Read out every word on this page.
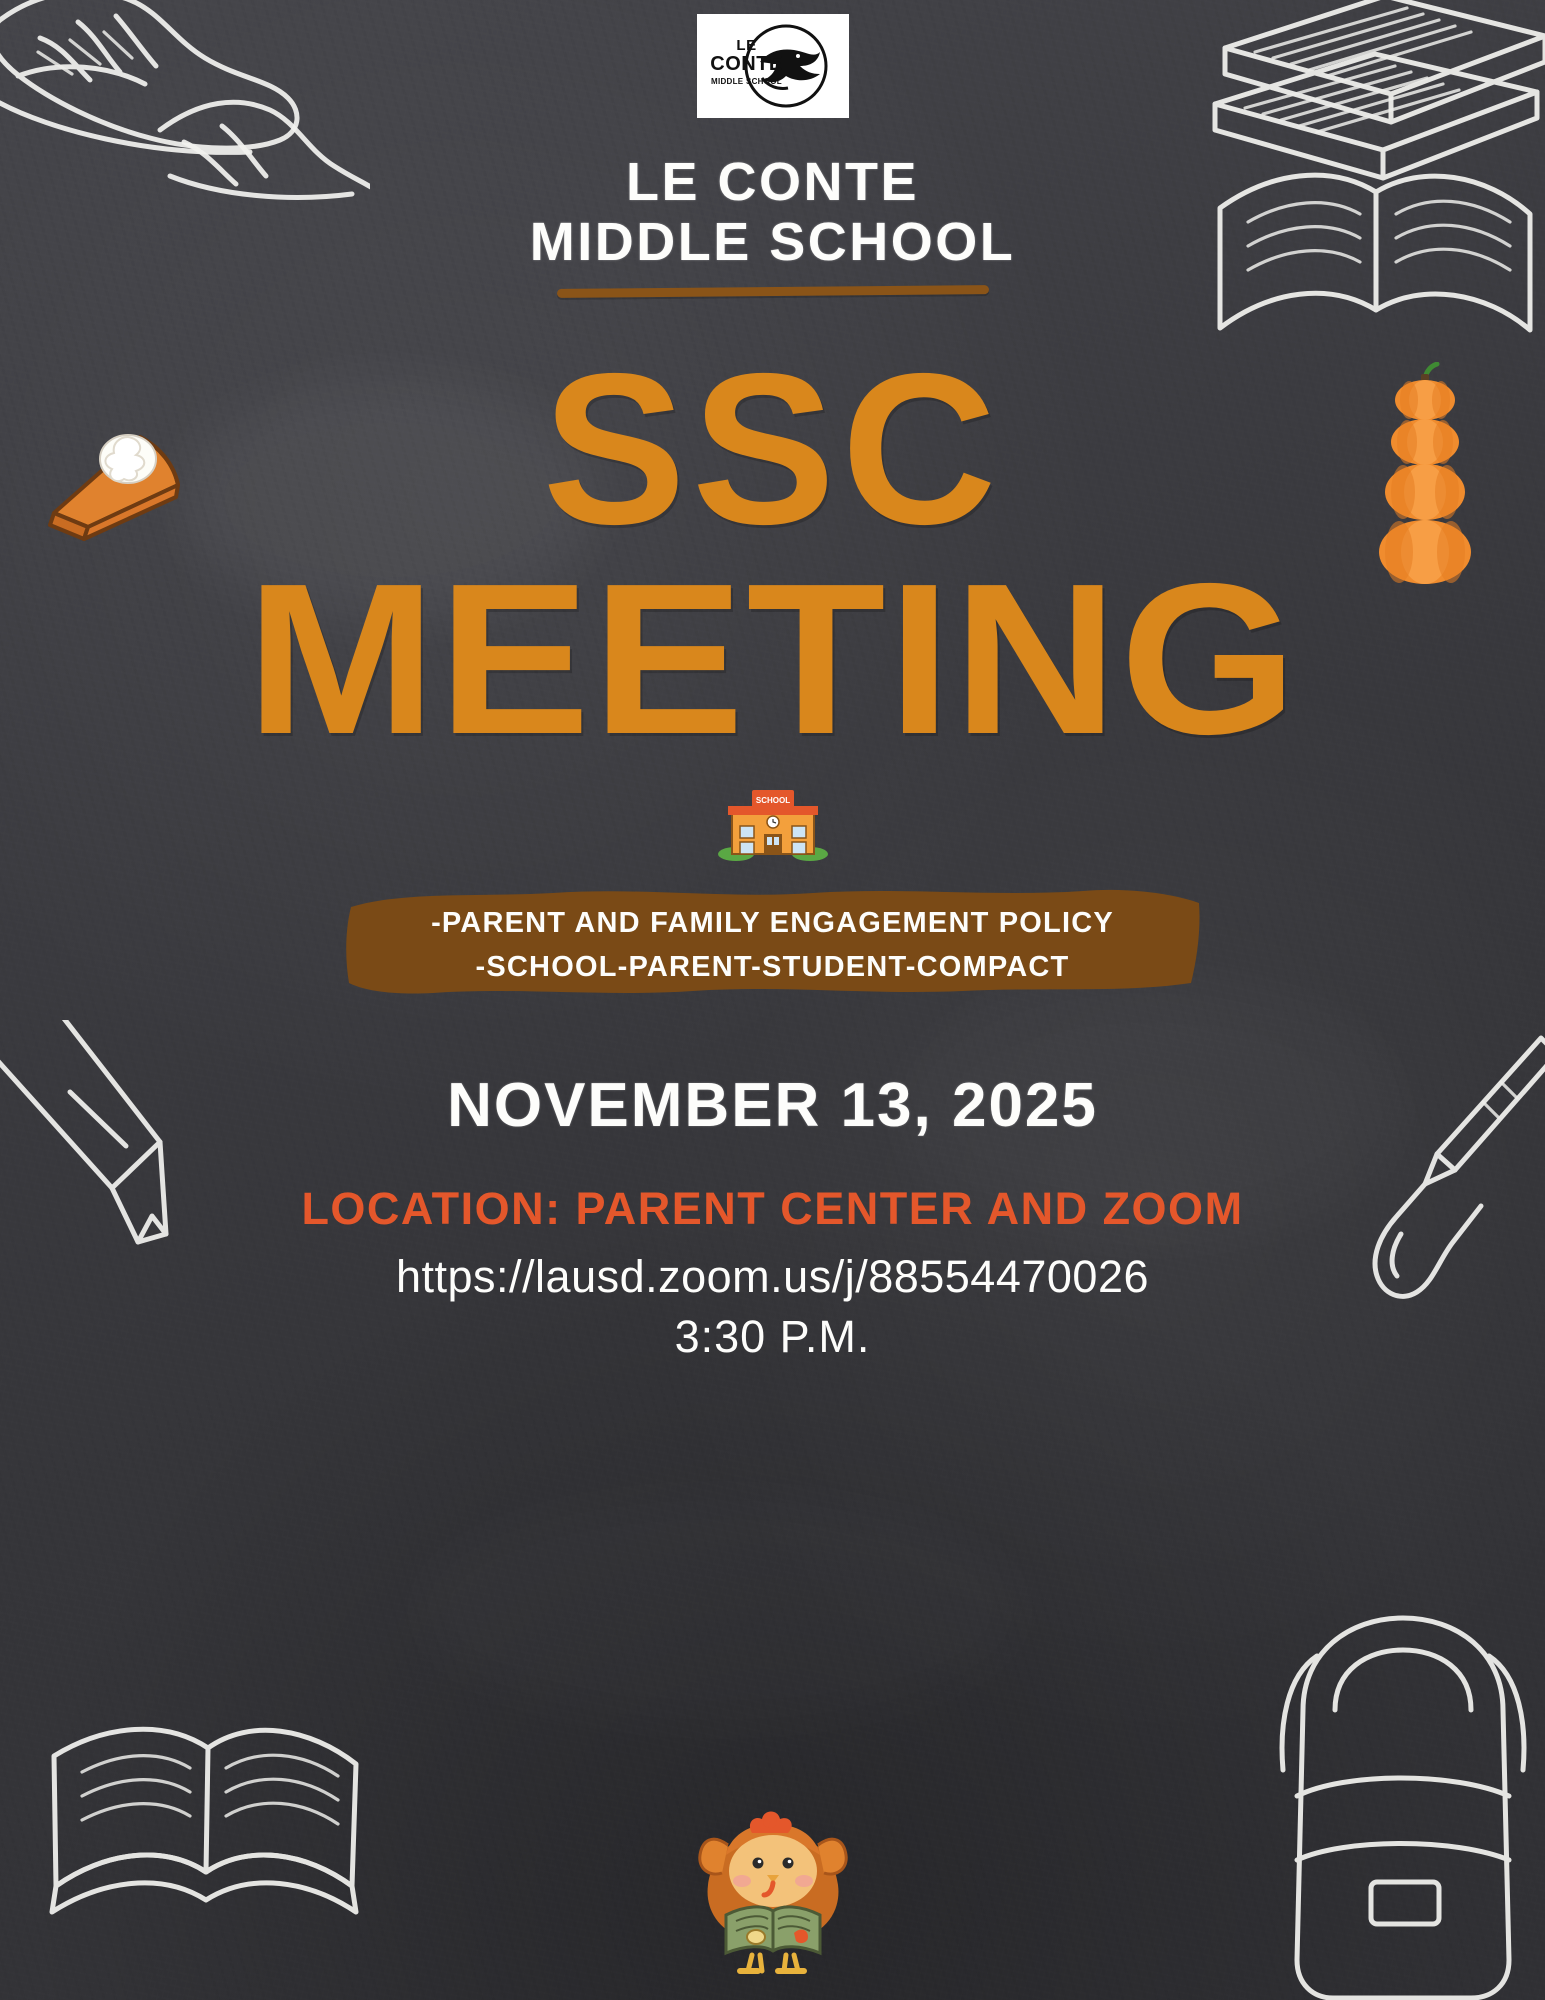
LE
CONTE
MIDDLE SCHOOL
LE CONTE
MIDDLE SCHOOL
SSC
MEETING
SCHOOL
-PARENT AND FAMILY ENGAGEMENT POLICY
-SCHOOL-PARENT-STUDENT-COMPACT
NOVEMBER 13, 2025
LOCATION: PARENT CENTER AND ZOOM
https://lausd.zoom.us/j/88554470026
3:30 P.M.
